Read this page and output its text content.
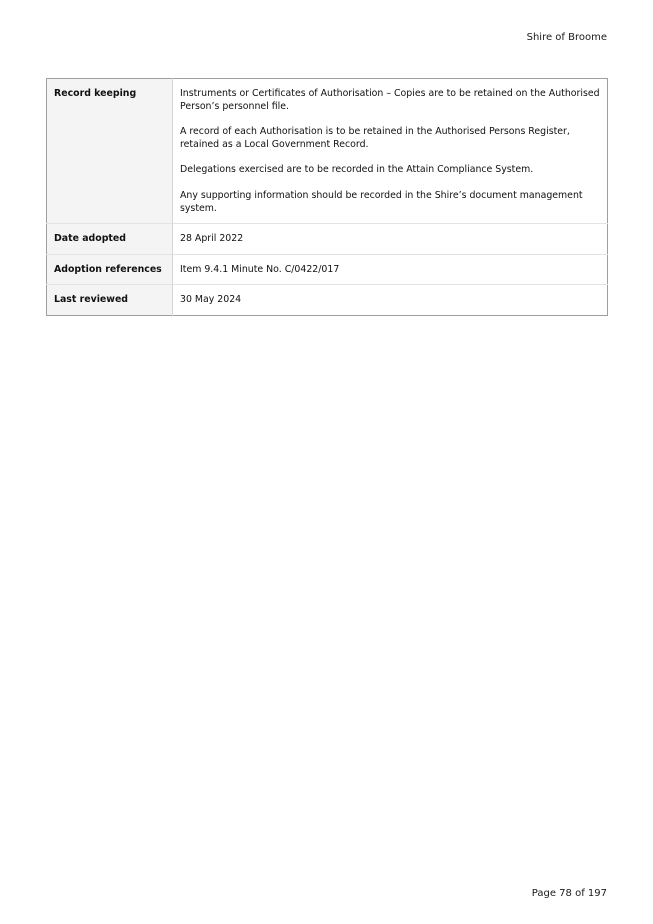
Shire of Broome
Record keeping	Instruments or Certificates of Authorisation – Copies are to be retained on the Authorised Person’s personnel file.

A record of each Authorisation is to be retained in the Authorised Persons Register, retained as a Local Government Record.

Delegations exercised are to be recorded in the Attain Compliance System.

Any supporting information should be recorded in the Shire’s document management system.

Date adopted	28 April 2022

Adoption references	Item 9.4.1 Minute No. C/0422/017

Last reviewed	30 May 2024

Page 78 of 197
